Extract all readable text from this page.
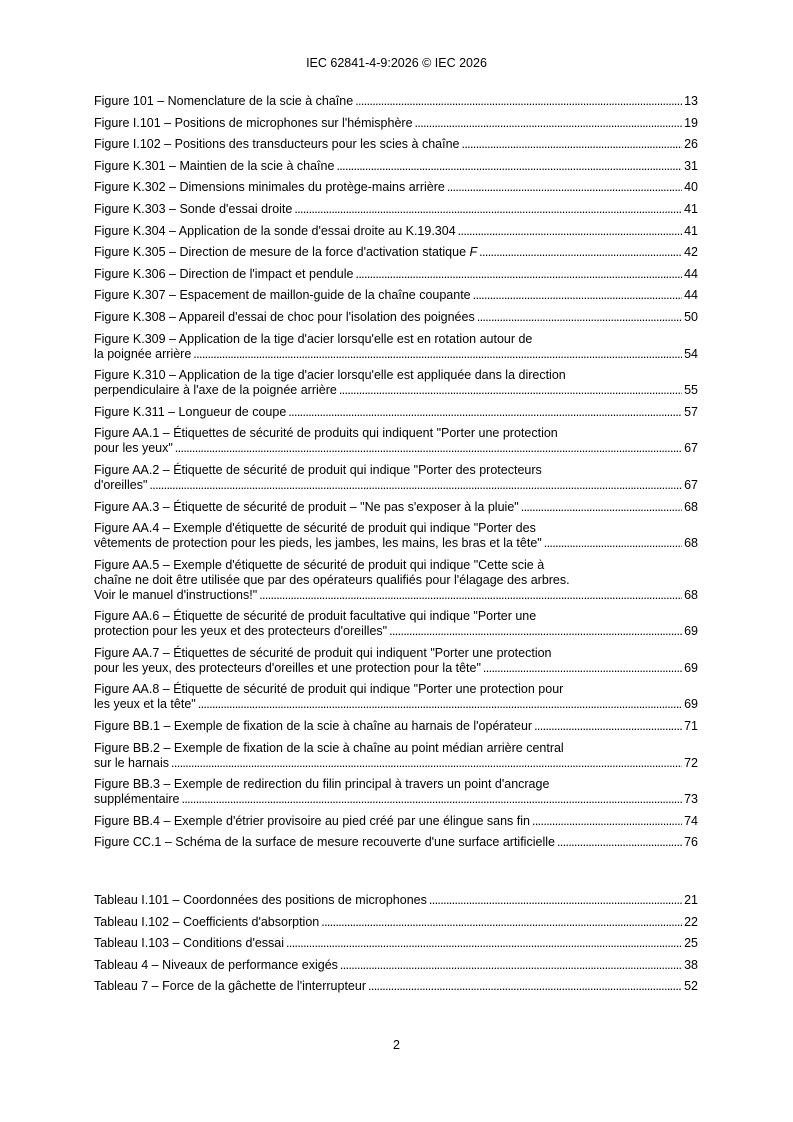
IEC 62841-4-9:2026 © IEC 2026
Figure 101 – Nomenclature de la scie à chaîne . . .	13
Figure I.101 – Positions de microphones sur l'hémisphère . . .	19
Figure I.102 – Positions des transducteurs pour les scies à chaîne . . .	26
Figure K.301 – Maintien de la scie à chaîne . . .	31
Figure K.302 – Dimensions minimales du protège-mains arrière . . .	40
Figure K.303 – Sonde d'essai droite . . .	41
Figure K.304 – Application de la sonde d'essai droite au K.19.304 . . .	41
Figure K.305 – Direction de mesure de la force d'activation statique F . . .	42
Figure K.306 – Direction de l'impact et pendule . . .	44
Figure K.307 – Espacement de maillon-guide de la chaîne coupante . . .	44
Figure K.308 – Appareil d'essai de choc pour l'isolation des poignées . . .	50
Figure K.309 – Application de la tige d'acier lorsqu'elle est en rotation autour de
la poignée arrière . . .	54
Figure K.310 – Application de la tige d'acier lorsqu'elle est appliquée dans la direction
perpendiculaire à l'axe de la poignée arrière . . .	55
Figure K.311 – Longueur de coupe . . .	57
Figure AA.1 – Étiquettes de sécurité de produits qui indiquent "Porter une protection
pour les yeux" . . .	67
Figure AA.2 – Étiquette de sécurité de produit qui indique "Porter des protecteurs
d'oreilles" . . .	67
Figure AA.3 – Étiquette de sécurité de produit – "Ne pas s'exposer à la pluie" . . .	68
Figure AA.4 – Exemple d'étiquette de sécurité de produit qui indique "Porter des
vêtements de protection pour les pieds, les jambes, les mains, les bras et la tête" . . .	68
Figure AA.5 – Exemple d'étiquette de sécurité de produit qui indique "Cette scie à
chaîne ne doit être utilisée que par des opérateurs qualifiés pour l'élagage des arbres.
Voir le manuel d'instructions!" . . .	68
Figure AA.6 – Étiquette de sécurité de produit facultative qui indique "Porter une
protection pour les yeux et des protecteurs d'oreilles" . . .	69
Figure AA.7 – Étiquettes de sécurité de produit qui indiquent "Porter une protection
pour les yeux, des protecteurs d'oreilles et une protection pour la tête" . . .	69
Figure AA.8 – Étiquette de sécurité de produit qui indique "Porter une protection pour
les yeux et la tête" . . .	69
Figure BB.1 – Exemple de fixation de la scie à chaîne au harnais de l'opérateur . . .	71
Figure BB.2 – Exemple de fixation de la scie à chaîne au point médian arrière central
sur le harnais . . .	72
Figure BB.3 – Exemple de redirection du filin principal à travers un point d'ancrage
supplémentaire . . .	73
Figure BB.4 – Exemple d'étrier provisoire au pied créé par une élingue sans fin . . .	74
Figure CC.1 – Schéma de la surface de mesure recouverte d'une surface artificielle . . .	76
Tableau I.101 – Coordonnées des positions de microphones . . .	21
Tableau I.102 – Coefficients d'absorption . . .	22
Tableau I.103 – Conditions d'essai . . .	25
Tableau 4 – Niveaux de performance exigés . . .	38
Tableau 7 – Force de la gâchette de l'interrupteur . . .	52
2
